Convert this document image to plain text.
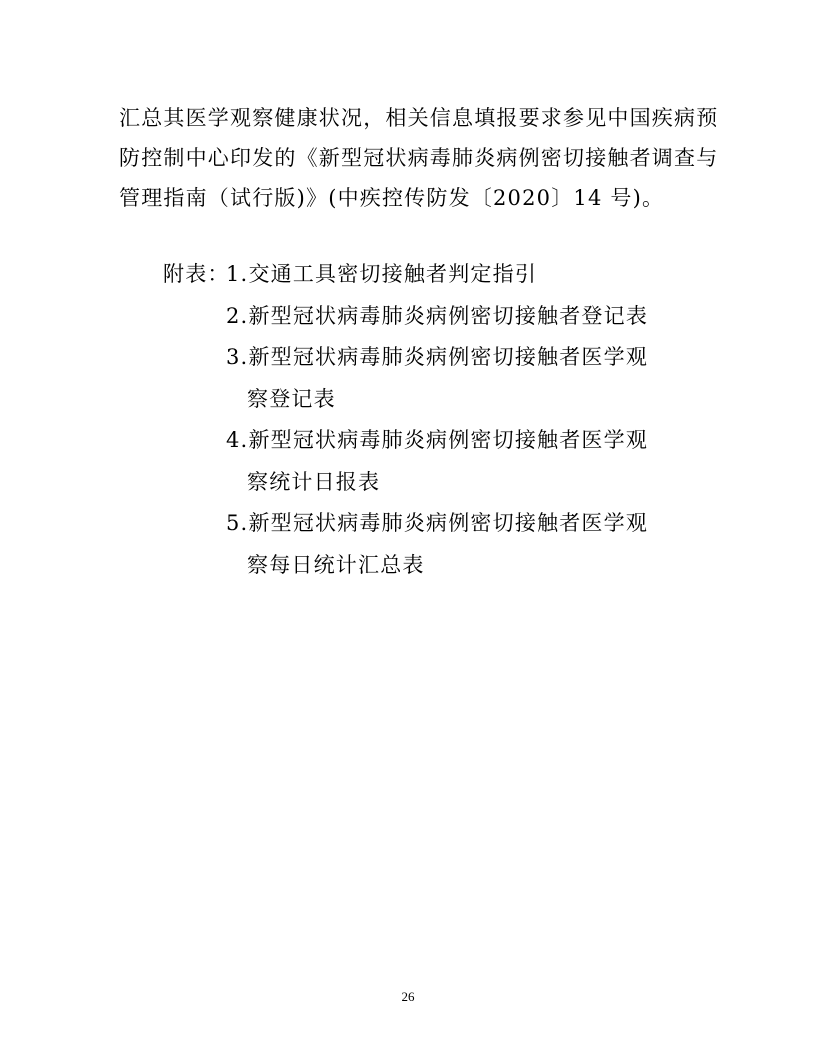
汇总其医学观察健康状况，相关信息填报要求参见中国疾病预
防控制中心印发的《新型冠状病毒肺炎病例密切接触者调查与
管理指南（试行版)》(中疾控传防发〔2020〕14 号)。
附表：1.交通工具密切接触者判定指引
2.新型冠状病毒肺炎病例密切接触者登记表
3.新型冠状病毒肺炎病例密切接触者医学观
察登记表
4.新型冠状病毒肺炎病例密切接触者医学观
察统计日报表
5.新型冠状病毒肺炎病例密切接触者医学观
察每日统计汇总表
26
